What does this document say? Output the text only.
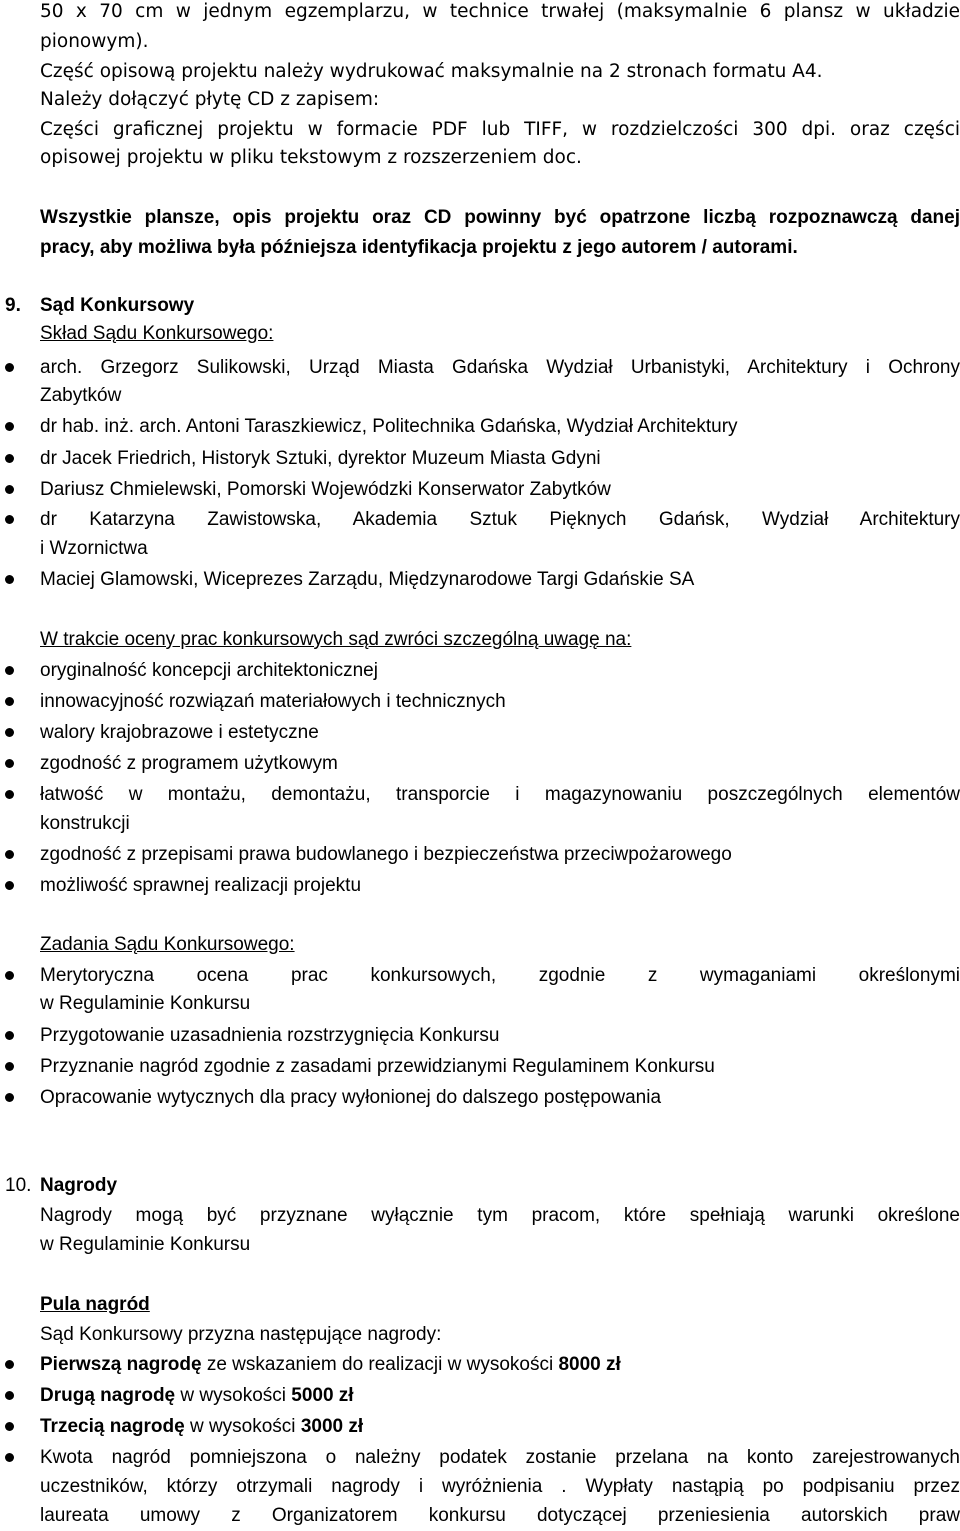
50 x 70 cm w jednym egzemplarzu, w technice trwałej (maksymalnie 6 plansz w układzie
pionowym).
Część opisową projektu należy wydrukować maksymalnie na 2 stronach formatu A4.
Należy dołączyć płytę CD z zapisem:
Części graficznej projektu w formacie PDF lub TIFF, w rozdzielczości 300 dpi. oraz części
opisowej projektu w pliku tekstowym z rozszerzeniem doc.
Wszystkie plansze, opis projektu oraz CD powinny być opatrzone liczbą rozpoznawczą danej
pracy, aby możliwa była późniejsza identyfikacja projektu z jego autorem / autorami.
9. Sąd Konkursowy
Skład Sądu Konkursowego:
arch. Grzegorz Sulikowski, Urząd Miasta Gdańska Wydział Urbanistyki, Architektury i Ochrony
Zabytków
dr hab. inż. arch. Antoni Taraszkiewicz, Politechnika Gdańska, Wydział Architektury
dr Jacek Friedrich, Historyk Sztuki, dyrektor Muzeum Miasta Gdyni
Dariusz Chmielewski, Pomorski Wojewódzki Konserwator Zabytków
dr Katarzyna Zawistowska, Akademia Sztuk Pięknych Gdańsk, Wydział Architektury
i Wzornictwa
Maciej Glamowski, Wiceprezes Zarządu, Międzynarodowe Targi Gdańskie SA
W trakcie oceny prac konkursowych sąd zwróci szczególną uwagę na:
oryginalność koncepcji architektonicznej
innowacyjność rozwiązań materiałowych i technicznych
walory krajobrazowe i estetyczne
zgodność z programem użytkowym
łatwość w montażu, demontażu, transporcie i magazynowaniu poszczególnych elementów
konstrukcji
zgodność z przepisami prawa budowlanego i bezpieczeństwa przeciwpożarowego
możliwość sprawnej realizacji projektu
Zadania Sądu Konkursowego:
Merytoryczna ocena prac konkursowych, zgodnie z wymaganiami określonymi
w Regulaminie Konkursu
Przygotowanie uzasadnienia rozstrzygnięcia Konkursu
Przyznanie nagród zgodnie z zasadami przewidzianymi Regulaminem Konkursu
Opracowanie wytycznych dla pracy wyłonionej do dalszego postępowania
10. Nagrody
Nagrody mogą być przyznane wyłącznie tym pracom, które spełniają warunki określone
w Regulaminie Konkursu
Pula nagród
Sąd Konkursowy przyzna następujące nagrody:
Pierwszą nagrodę ze wskazaniem do realizacji w wysokości 8000 zł
Drugą nagrodę w wysokości 5000 zł
Trzecią nagrodę w wysokości 3000 zł
Kwota nagród pomniejszona o należny podatek zostanie przelana na konto zarejestrowanych
uczestników, którzy otrzymali nagrody i wyróżnienia . Wypłaty nastąpią po podpisaniu przez
laureata umowy z Organizatorem konkursu dotyczącej przeniesienia autorskich praw
